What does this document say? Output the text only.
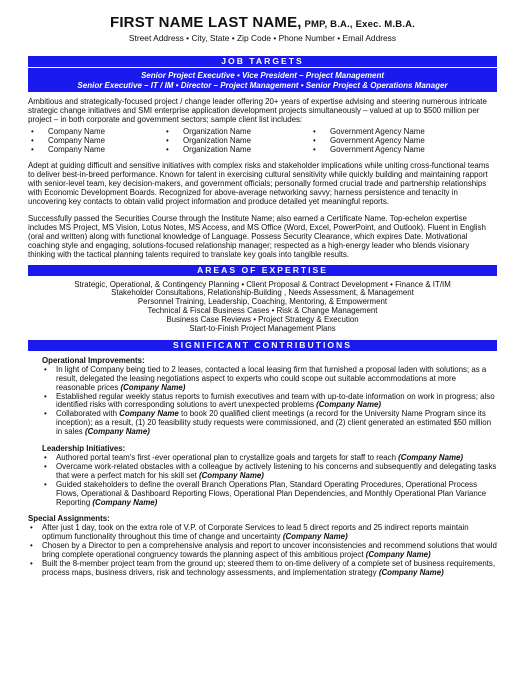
FIRST NAME LAST NAME, PMP, B.A., Exec. M.B.A.
Street Address • City, State • Zip Code • Phone Number • Email Address
JOB TARGETS
Senior Project Executive • Vice President – Project Management
Senior Executive – IT / IM • Director – Project Management • Senior Project & Operations Manager

Ambitious and strategically-focused project / change leader offering 20+ years of expertise advising and steering numerous intricate strategic change initiatives and SMI enterprise application development projects simultaneously – valued at up to $500 million per project – in both corporate and government sectors; sample client list includes:

• Company Name
• Company Name
• Company Name
• Organization Name
• Organization Name
• Organization Name
• Government Agency Name
• Government Agency Name
• Government Agency Name

Adept at guiding difficult and sensitive initiatives with complex risks and stakeholder implications while uniting cross-functional teams to deliver best-in-breed performance. Known for talent in exercising cultural sensitivity while quickly building and maintaining rapport with senior-level team, key decision-makers, and government officials; personally formed crucial trade and partnership relationships with Economic Development Boards. Recognized for above-average networking savvy; harness persistence and tenacity in uncovering key contacts to obtain valid project information and produce detailed yet meaningful reports.

Successfully passed the Securities Course through the Institute Name; also earned a Certificate Name. Top-echelon expertise includes MS Project, MS Vision, Lotus Notes, MS Access, and MS Office (Word, Excel, PowerPoint, and Outlook). Fluent in English (oral and written) along with functional knowledge of Language. Possess Security Clearance, which expires Date. Motivational coaching style and engaging, solutions-focused relationship manager; respected as a high-energy leader who blends visionary thinking with the tactical planning talents required to translate key goals into tangible results.

AREAS OF EXPERTISE
Strategic, Operational, & Contingency Planning • Client Proposal & Contract Development • Finance & IT/IM
Stakeholder Consultations, Relationship-Building , Needs Assessment, & Management
Personnel Training, Leadership, Coaching, Mentoring, & Empowerment
Technical & Fiscal Business Cases • Risk & Change Management
Business Case Reviews • Project Strategy & Execution
Start-to-Finish Project Management Plans
SIGNIFICANT CONTRIBUTIONS
Operational Improvements:
• In light of Company being tied to 2 leases, contacted a local leasing firm that furnished a proposal laden with solutions; as a result, delegated the leasing negotiations aspect to experts who could scope out suitable accommodations at more reasonable prices (Company Name)
• Established regular weekly status reports to furnish executives and team with up-to-date information on work in progress; also identified risks with corresponding solutions to avert unexpected problems (Company Name)
• Collaborated with Company Name to book 20 qualified client meetings (a record for the University Name Program since its inception); as a result, (1) 20 feasibility study requests were commissioned, and (2) client generated an estimated $50 million in sales (Company Name)
Leadership Initiatives:
• Authored portal team's first -ever operational plan to crystallize goals and targets for staff to reach (Company Name)
• Overcame work-related obstacles with a colleague by actively listening to his concerns and subsequently and delegating tasks that were a perfect match for his skill set (Company Name)
• Guided stakeholders to define the overall Branch Operations Plan, Standard Operating Procedures, Operational Process Flows, Operational & Dashboard Reporting Flows, Operational Plan Dependencies, and Monthly Operational Plan Variance Reporting (Company Name)
Special Assignments:
• After just 1 day, took on the extra role of V.P. of Corporate Services to lead 5 direct reports and 25 indirect reports maintain optimum functionality throughout this time of change and uncertainty (Company Name)
• Chosen by a Director to pen a comprehensive analysis and report to uncover inconsistencies and recommend solutions that would bring complete operational congruency towards the planning aspect of this ambitious project (Company Name)
• Built the 8-member project team from the ground up; steered them to on-time delivery of a complete set of business requirements, process maps, business drivers, risk and technology assessments, and implementation strategy (Company Name)
